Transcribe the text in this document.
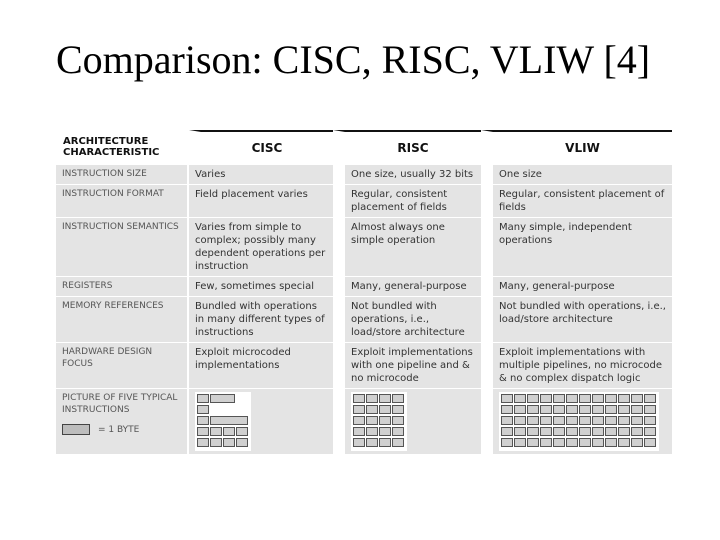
Comparison: CISC, RISC, VLIW [4]
ARCHITECTURE CHARACTERISTIC	CISC	RISC	VLIW
INSTRUCTION SIZE	Varies	One size, usually 32 bits	One size
INSTRUCTION FORMAT	Field placement varies	Regular, consistent placement of fields	Regular, consistent placement of fields
INSTRUCTION SEMANTICS	Varies from simple to complex; possibly many dependent operations per instruction	Almost always one simple operation	Many simple, independent operations
REGISTERS	Few, sometimes special	Many, general-purpose	Many, general-purpose
MEMORY REFERENCES	Bundled with operations in many different types of instructions	Not bundled with operations, i.e., load/store architecture	Not bundled with operations, i.e., load/store architecture
HARDWARE DESIGN FOCUS	Exploit microcoded implementations	Exploit implementations with one pipeline and & no microcode	Exploit implementations with multiple pipelines, no microcode & no complex dispatch logic

PICTURE OF FIVE TYPICAL INSTRUCTIONS
= 1 BYTE			
